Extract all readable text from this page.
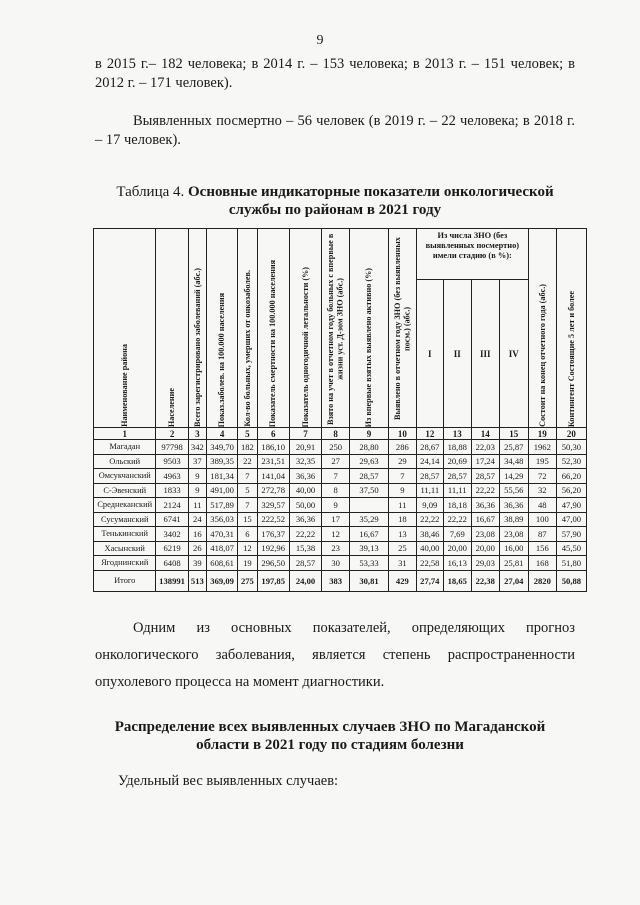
9

в 2015 г.– 182 человека; в 2014 г. – 153 человека; в 2013 г. – 151 человек; в 2012 г. – 171 человек).

Выявленных посмертно – 56 человек (в 2019 г. – 22 человека; в 2018 г. – 17 человек).

Таблица 4. Основные индикаторные показатели онкологической службы по районам в 2021 году
Наименование района	Население	Всего зарегистрировано заболеваний (абс.)	Показ.заболев. на 100.000 населения	Кол-во больных, умерших от онкозаболев.	Показатель смертности на 100.000 населения	Показатель одногодичной летальности (%)	Взято на учет в отчетном году больных с впервые в жизни уст. Д-зом ЗНО (абс.)	Из впервые взятых выявлено активно (%)	Выявлено в отчетном году ЗНО (без выявленных посм.) (абс.)	Из числа ЗНО (без выявленных посмертно) имели стадию (в %):				Состоит на конец отчетного года (абс.)	Контингент Состоящие 5 лет и более

										I	II	III	IV		
1	2	3	4	5	6	7	8	9	10	12	13	14	15	19	20
Магадан	97798	342	349,70	182	186,10	20,91	250	28,80	286	28,67	18,88	22,03	25,87	1962	50,30
Ольский	9503	37	389,35	22	231,51	32,35	27	29,63	29	24,14	20,69	17,24	34,48	195	52,30
Омсукчанский	4963	9	181,34	7	141,04	36,36	7	28,57	7	28,57	28,57	28,57	14,29	72	66,20
С-Эвенский	1833	9	491,00	5	272,78	40,00	8	37,50	9	11,11	11,11	22,22	55,56	32	56,20
Среднеканский	2124	11	517,89	7	329,57	50,00	9		11	9,09	18,18	36,36	36,36	48	47,90
Сусуманский	6741	24	356,03	15	222,52	36,36	17	35,29	18	22,22	22,22	16,67	38,89	100	47,00
Тенькинский	3402	16	470,31	6	176,37	22,22	12	16,67	13	38,46	7,69	23,08	23,08	87	57,90
Хасынский	6219	26	418,07	12	192,96	15,38	23	39,13	25	40,00	20,00	20,00	16,00	156	45,50
Ягоднинский	6408	39	608,61	19	296,50	28,57	30	53,33	31	22,58	16,13	29,03	25,81	168	51,80
Итого	138991	513	369,09	275	197,85	24,00	383	30,81	429	27,74	18,65	22,38	27,04	2820	50,88

Одним из основных показателей, определяющих прогноз онкологического заболевания, является степень распространенности опухолевого процесса на момент диагностики.

Распределение всех выявленных случаев ЗНО по Магаданской области в 2021 году по стадиям болезни

Удельный вес выявленных случаев:
